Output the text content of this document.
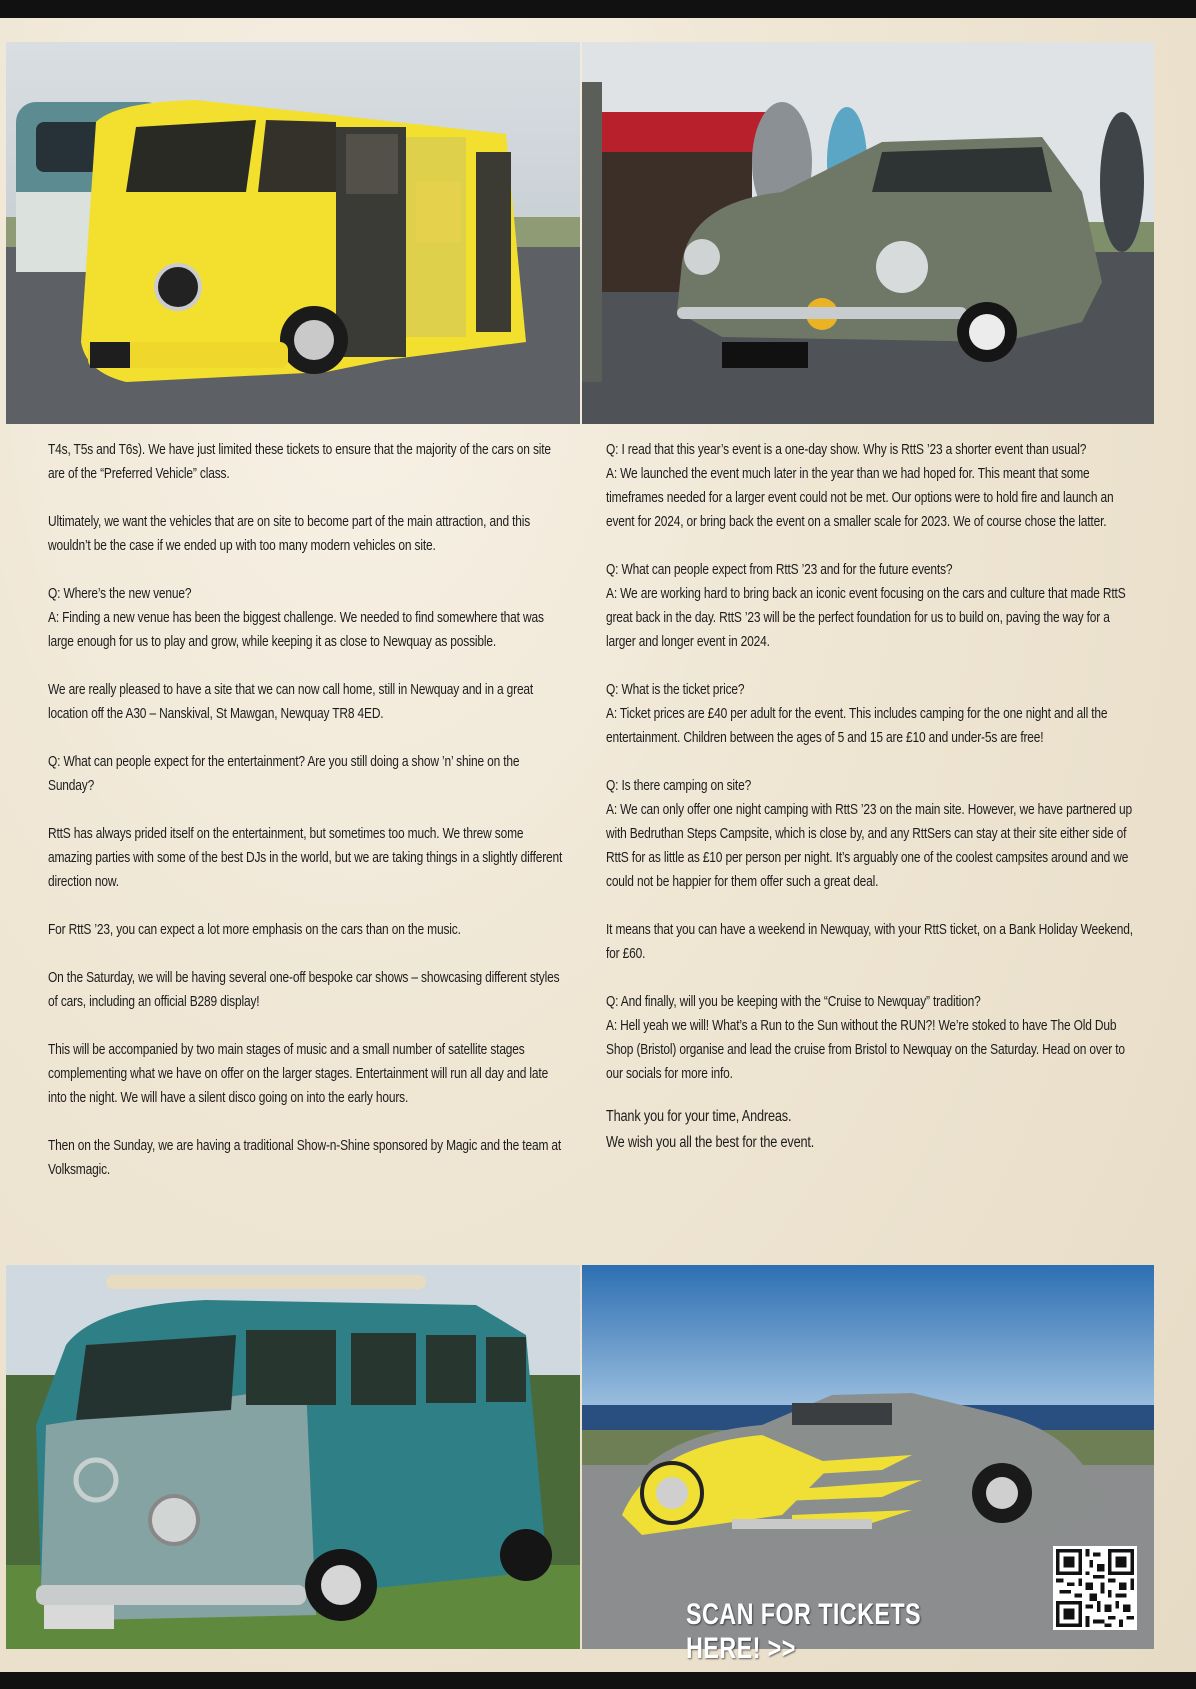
T4s, T5s and T6s). We have just limited these tickets to ensure that the majority of the cars on site are of the “Preferred Vehicle” class.

Ultimately, we want the vehicles that are on site to become part of the main attraction, and this wouldn’t be the case if we ended up with too many modern vehicles on site.

Q: Where’s the new venue?
A: Finding a new venue has been the biggest challenge. We needed to find somewhere that was large enough for us to play and grow, while keeping it as close to Newquay as possible.

We are really pleased to have a site that we can now call home, still in Newquay and in a great location off the A30 – Nanskival, St Mawgan, Newquay TR8 4ED.

Q: What can people expect for the entertainment? Are you still doing a show ’n’ shine on the Sunday?

RttS has always prided itself on the entertainment, but sometimes too much. We threw some amazing parties with some of the best DJs in the world, but we are taking things in a slightly different direction now.

For RttS ’23, you can expect a lot more emphasis on the cars than on the music.

On the Saturday, we will be having several one-off bespoke car shows – showcasing different styles of cars, including an official B289 display!

This will be accompanied by two main stages of music and a small number of satellite stages complementing what we have on offer on the larger stages. Entertainment will run all day and late into the night. We will have a silent disco going on into the early hours.

Then on the Sunday, we are having a traditional Show-n-Shine sponsored by Magic and the team at Volksmagic.

Q: I read that this year’s event is a one-day show. Why is RttS ’23 a shorter event than usual?
A: We launched the event much later in the year than we had hoped for. This meant that some timeframes needed for a larger event could not be met. Our options were to hold fire and launch an event for 2024, or bring back the event on a smaller scale for 2023. We of course chose the latter.

Q: What can people expect from RttS ’23 and for the future events?
A: We are working hard to bring back an iconic event focusing on the cars and culture that made RttS great back in the day. RttS ’23 will be the perfect foundation for us to build on, paving the way for a larger and longer event in 2024.

Q: What is the ticket price?
A: Ticket prices are £40 per adult for the event. This includes camping for the one night and all the entertainment. Children between the ages of 5 and 15 are £10 and under-5s are free!

Q: Is there camping on site?
A: We can only offer one night camping with RttS ’23 on the main site. However, we have partnered up with Bedruthan Steps Campsite, which is close by, and any RttSers can stay at their site either side of RttS for as little as £10 per person per night. It’s arguably one of the coolest campsites around and we could not be happier for them offer such a great deal.

It means that you can have a weekend in Newquay, with your RttS ticket, on a Bank Holiday Weekend, for £60.

Q: And finally, will you be keeping with the “Cruise to Newquay” tradition?
A: Hell yeah we will! What’s a Run to the Sun without the RUN?! We’re stoked to have The Old Dub Shop (Bristol) organise and lead the cruise from Bristol to Newquay on the Saturday. Head on over to our socials for more info.

Thank you for your time, Andreas.
We wish you all the best for the event.

SCAN FOR TICKETS HERE! >>
